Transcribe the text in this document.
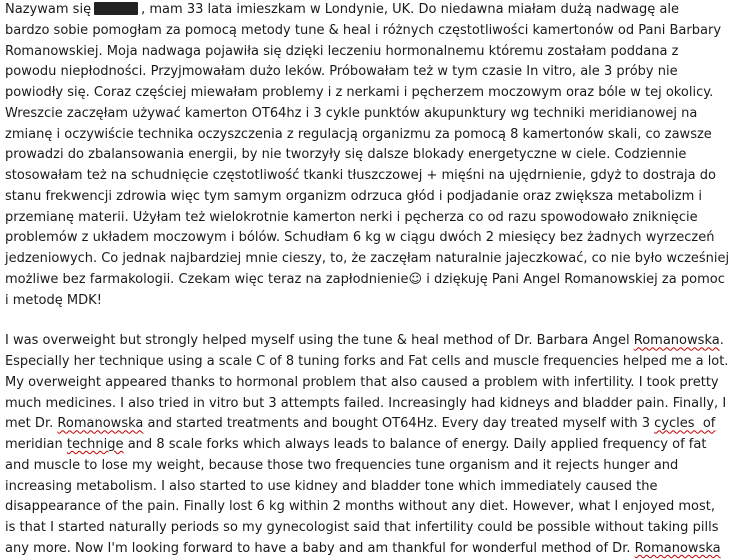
Nazywam się	, mam 33 lata imieszkam w Londynie, UK. Do niedawna miałam dużą nadwagę ale
bardzo sobie pomogłam za pomocą metody tune & heal i różnych częstotliwości kamertonów od Pani Barbary
Romanowskiej. Moja nadwaga pojawiła się dzięki leczeniu hormonalnemu któremu zostałam poddana z
powodu niepłodności. Przyjmowałam dużo leków. Próbowałam też w tym czasie In vitro, ale 3 próby nie
powiodły się. Coraz częściej miewałam problemy i z nerkami i pęcherzem moczowym oraz bóle w tej okolicy.
Wreszcie zaczęłam używać kamerton OT64hz i 3 cykle punktów akupunktury wg techniki meridianowej na
zmianę i oczywiście technika oczyszczenia z regulacją organizmu za pomocą 8 kamertonów skali, co zawsze
prowadzi do zbalansowania energii, by nie tworzyły się dalsze blokady energetyczne w ciele. Codziennie
stosowałam też na schudnięcie częstotliwość tkanki tłuszczowej + mięśni na ujędrnienie, gdyż to dostraja do
stanu frekwencji zdrowia więc tym samym organizm odrzuca głód i podjadanie oraz zwiększa metabolizm i
przemianę materii. Użyłam też wielokrotnie kamerton nerki i pęcherza co od razu spowodowało zniknięcie
problemów z układem moczowym i bólów. Schudłam 6 kg w ciągu dwóch 2 miesięcy bez żadnych wyrzeczeń
jedzeniowych. Co jednak najbardziej mnie cieszy, to, że zaczęłam naturalnie jajeczkować, co nie było wcześniej
możliwe bez farmakologii. Czekam więc teraz na zapłodnienie☺ i dziękuję Pani Angel Romanowskiej za pomoc
i metodę MDK!
I was overweight but strongly helped myself using the tune & heal method of Dr. Barbara Angel Romanowska.
Especially her technique using a scale C of 8 tuning forks and Fat cells and muscle frequencies helped me a lot.
My overweight appeared thanks to hormonal problem that also caused a problem with infertility. I took pretty
much medicines. I also tried in vitro but 3 attempts failed. Increasingly had kidneys and bladder pain. Finally, I
met Dr. Romanowska and started treatments and bought OT64Hz. Every day treated myself with 3 cycles  of
meridian technige and 8 scale forks which always leads to balance of energy. Daily applied frequency of fat
and muscle to lose my weight, because those two frequencies tune organism and it rejects hunger and
increasing metabolism. I also started to use kidney and bladder tone which immediately caused the
disappearance of the pain. Finally lost 6 kg within 2 months without any diet. However, what I enjoyed most,
is that I started naturally periods so my gynecologist said that infertility could be possible without taking pills
any more. Now I'm looking forward to have a baby and am thankful for wonderful method of Dr. Romanowska
